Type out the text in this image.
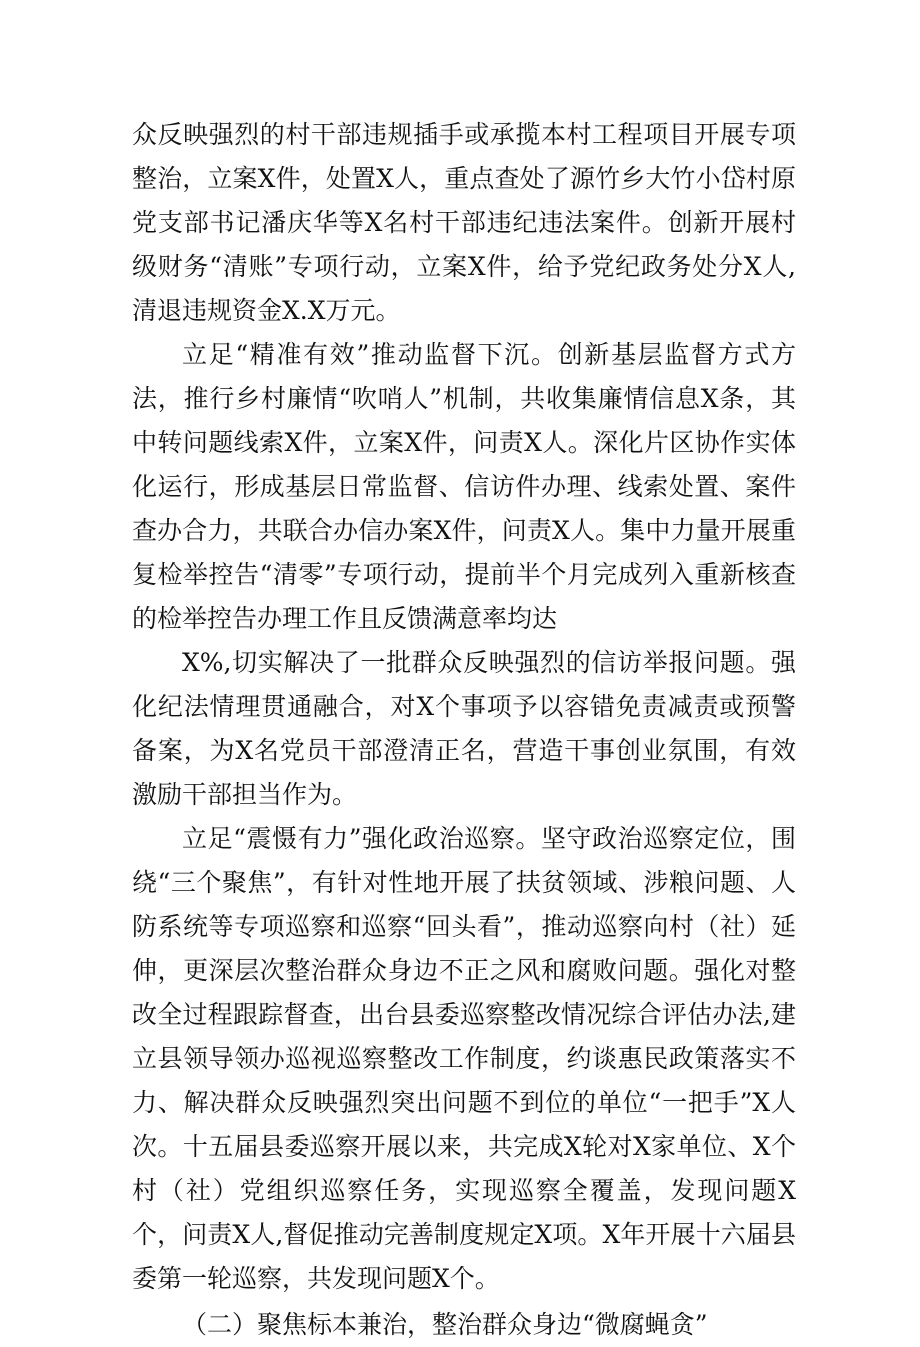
众反映强烈的村干部违规插手或承揽本村工程项目开展专项整治，立案X件，处置X人，重点查处了源竹乡大竹小岱村原党支部书记潘庆华等X名村干部违纪违法案件。创新开展村级财务“清账”专项行动，立案X件，给予党纪政务处分X人,清退违规资金X.X万元。

立足“精准有效”推动监督下沉。创新基层监督方式方法，推行乡村廉情“吹哨人”机制，共收集廉情信息X条，其中转问题线索X件，立案X件，问责X人。深化片区协作实体化运行，形成基层日常监督、信访件办理、线索处置、案件查办合力，共联合办信办案X件，问责X人。集中力量开展重复检举控告“清零”专项行动，提前半个月完成列入重新核查的检举控告办理工作且反馈满意率均达

X%,切实解决了一批群众反映强烈的信访举报问题。强化纪法情理贯通融合，对X个事项予以容错免责减责或预警备案，为X名党员干部澄清正名，营造干事创业氛围，有效激励干部担当作为。

立足“震慑有力”强化政治巡察。坚守政治巡察定位，围绕“三个聚焦”，有针对性地开展了扶贫领域、涉粮问题、人防系统等专项巡察和巡察“回头看”，推动巡察向村（社）延伸，更深层次整治群众身边不正之风和腐败问题。强化对整改全过程跟踪督查，出台县委巡察整改情况综合评估办法,建立县领导领办巡视巡察整改工作制度，约谈惠民政策落实不力、解决群众反映强烈突出问题不到位的单位“一把手”X人次。十五届县委巡察开展以来，共完成X轮对X家单位、X个村（社）党组织巡察任务，实现巡察全覆盖，发现问题X个，问责X人,督促推动完善制度规定X项。X年开展十六届县委第一轮巡察，共发现问题X个。

（二）聚焦标本兼治，整治群众身边“微腐蝇贪”
